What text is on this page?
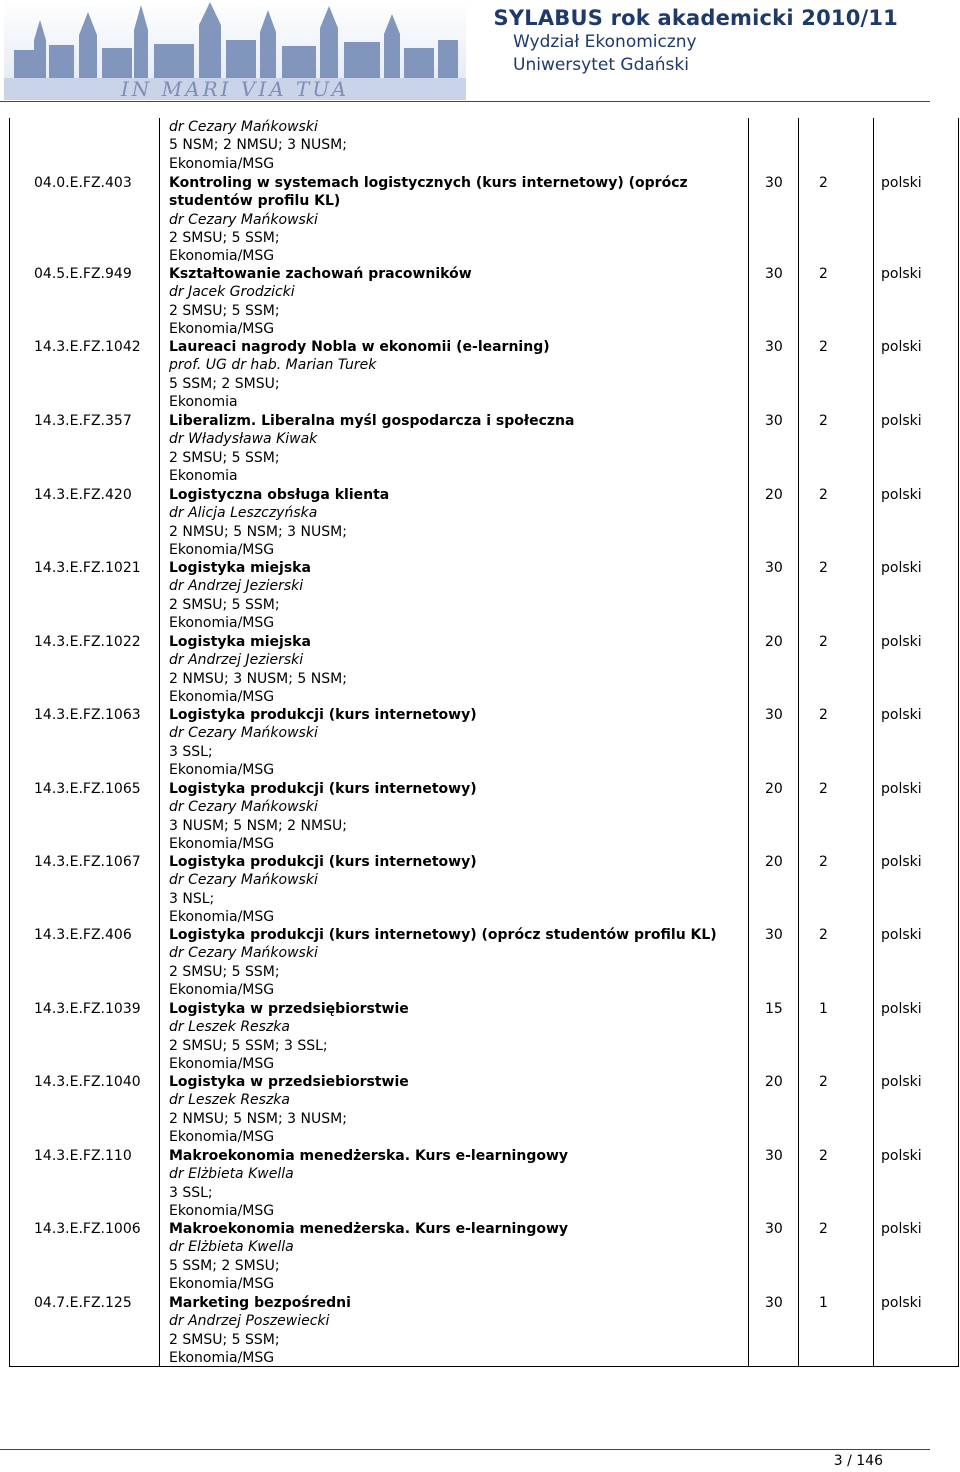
IN MARI VIA TUA
SYLABUS rok akademicki 2010/11
Wydział Ekonomiczny
Uniwersytet Gdański
dr Cezary Mańkowski
5 NSM; 2 NMSU; 3 NUSM;
Ekonomia/MSG
04.0.E.FZ.403	Kontroling w systemach logistycznych (kurs internetowy) (oprócz
studentów profilu KL)
dr Cezary Mańkowski
2 SMSU; 5 SSM;
Ekonomia/MSG
30	2	polski
04.5.E.FZ.949	Kształtowanie zachowań pracowników
dr Jacek Grodzicki
2 SMSU; 5 SSM;
Ekonomia/MSG
30	2	polski
14.3.E.FZ.1042 Laureaci nagrody Nobla w ekonomii (e-learning)
prof. UG dr hab. Marian Turek
5 SSM; 2 SMSU;
Ekonomia
30	2	polski
14.3.E.FZ.357	Liberalizm. Liberalna myśl gospodarcza i społeczna
dr Władysława Kiwak
2 SMSU; 5 SSM;
Ekonomia
30	2	polski
14.3.E.FZ.420	Logistyczna obsługa klienta
dr Alicja Leszczyńska
2 NMSU; 5 NSM; 3 NUSM;
Ekonomia/MSG
20	2	polski
14.3.E.FZ.1021 Logistyka miejska
dr Andrzej Jezierski
2 SMSU; 5 SSM;
Ekonomia/MSG
30	2	polski
14.3.E.FZ.1022 Logistyka miejska
dr Andrzej Jezierski
2 NMSU; 3 NUSM; 5 NSM;
Ekonomia/MSG
20	2	polski
14.3.E.FZ.1063 Logistyka produkcji (kurs internetowy)
dr Cezary Mańkowski
3 SSL;
Ekonomia/MSG
30	2	polski
14.3.E.FZ.1065 Logistyka produkcji (kurs internetowy)
dr Cezary Mańkowski
3 NUSM; 5 NSM; 2 NMSU;
Ekonomia/MSG
20	2	polski
14.3.E.FZ.1067 Logistyka produkcji (kurs internetowy)
dr Cezary Mańkowski
3 NSL;
Ekonomia/MSG
20	2	polski
14.3.E.FZ.406	Logistyka produkcji (kurs internetowy) (oprócz studentów profilu KL)
dr Cezary Mańkowski
2 SMSU; 5 SSM;
Ekonomia/MSG
30	2	polski
14.3.E.FZ.1039 Logistyka w przedsiębiorstwie
dr Leszek Reszka
2 SMSU; 5 SSM; 3 SSL;
Ekonomia/MSG
15	1	polski
14.3.E.FZ.1040 Logistyka w przedsiebiorstwie
dr Leszek Reszka
2 NMSU; 5 NSM; 3 NUSM;
Ekonomia/MSG
20	2	polski
14.3.E.FZ.110	Makroekonomia menedżerska. Kurs e-learningowy
dr Elżbieta Kwella
3 SSL;
Ekonomia/MSG
30	2	polski
14.3.E.FZ.1006 Makroekonomia menedżerska. Kurs e-learningowy
dr Elżbieta Kwella
5 SSM; 2 SMSU;
Ekonomia/MSG
30	2	polski
04.7.E.FZ.125	Marketing bezpośredni
dr Andrzej Poszewiecki
2 SMSU; 5 SSM;
Ekonomia/MSG
30	1	polski
3 / 146
